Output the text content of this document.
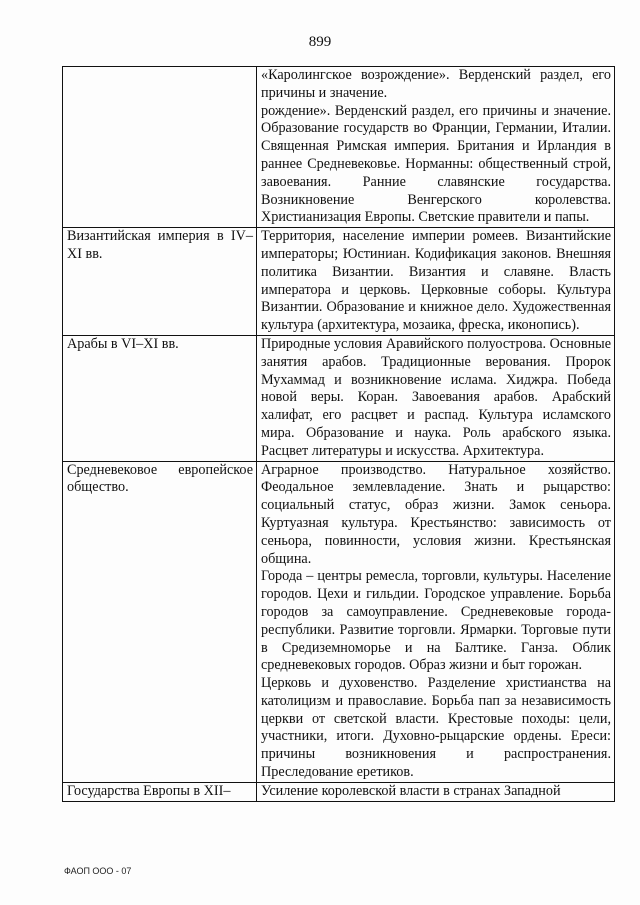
899

	«Каролингское возрождение». Верденский раздел, его причины и значение.
рождение». Верденский раздел, его причины и значение. Образование государств во Франции, Германии, Италии. Священная Римская империя. Британия и Ирландия в раннее Средневековье. Норманны: общественный строй, завоевания. Ранние славянские государства. Возникновение Венгерского королевства. Христианизация Европы. Светские правители и папы.

Византийская империя в IV–XI вв.	Территория, население империи ромеев. Византийские императоры; Юстиниан. Кодификация законов. Внешняя политика Византии. Византия и славяне. Власть императора и церковь. Церковные соборы. Культура Византии. Образование и книжное дело. Художественная культура (архитектура, мозаика, фреска, иконопись).

Арабы в VI–XI вв.	Природные условия Аравийского полуострова. Основные занятия арабов. Традиционные верования. Пророк Мухаммад и возникновение ислама. Хиджра. Победа новой веры. Коран. Завоевания арабов. Арабский халифат, его расцвет и распад. Культура исламского мира. Образование и наука. Роль арабского языка. Расцвет литературы и искусства. Архитектура.

Средневековое европейское общество.	Аграрное производство. Натуральное хозяйство. Феодальное землевладение. Знать и рыцарство: социальный статус, образ жизни. Замок сеньора. Куртуазная культура. Крестьянство: зависимость от сеньора, повинности, условия жизни. Крестьянская община.
Города – центры ремесла, торговли, культуры. Население городов. Цехи и гильдии. Городское управление. Борьба городов за самоуправление. Средневековые города-республики. Развитие торговли. Ярмарки. Торговые пути в Средиземноморье и на Балтике. Ганза. Облик средневековых городов. Образ жизни и быт горожан.
Церковь и духовенство. Разделение христианства на католицизм и православие. Борьба пап за независимость церкви от светской власти. Крестовые походы: цели, участники, итоги. Духовно-рыцарские ордены. Ереси: причины возникновения и распространения. Преследование еретиков.

Государства Европы в XII–	Усиление королевской власти в странах Западной
ФАОП ООО - 07
